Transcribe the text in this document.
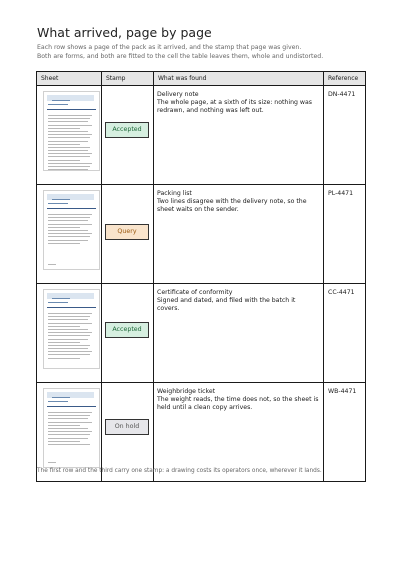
What arrived, page by page
Each row shows a page of the pack as it arrived, and the stamp that page was given.
Both are forms, and both are fitted to the cell the table leaves them, whole and undistorted.
Sheet	Stamp	What was found	Reference

	Accepted	Delivery note
The whole page, at a sixth of its size: nothing was redrawn, and nothing was left out.	DN-4471

	Query	Packing list
Two lines disagree with the delivery note, so the sheet waits on the sender.	PL-4471

	Accepted	Certificate of conformity
Signed and dated, and filed with the batch it covers.	CC-4471

	On hold	Weighbridge ticket
The weight reads, the time does not, so the sheet is held until a clean copy arrives.	WB-4471
The first row and the third carry one stamp: a drawing costs its operators once, wherever it lands.
